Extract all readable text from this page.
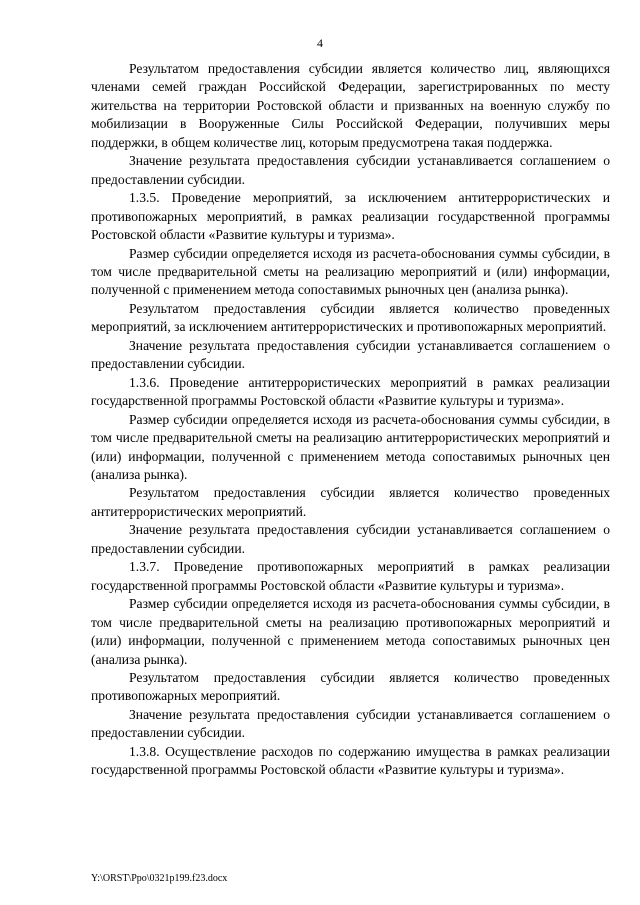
4

Результатом предоставления субсидии является количество лиц, являющихся членами семей граждан Российской Федерации, зарегистрированных по месту жительства на территории Ростовской области и призванных на военную службу по мобилизации в Вооруженные Силы Российской Федерации, получивших меры поддержки, в общем количестве лиц, которым предусмотрена такая поддержка.

Значение результата предоставления субсидии устанавливается соглашением о предоставлении субсидии.

1.3.5. Проведение мероприятий, за исключением антитеррористических и противопожарных мероприятий, в рамках реализации государственной программы Ростовской области «Развитие культуры и туризма».

Размер субсидии определяется исходя из расчета-обоснования суммы субсидии, в том числе предварительной сметы на реализацию мероприятий и (или) информации, полученной с применением метода сопоставимых рыночных цен (анализа рынка).

Результатом предоставления субсидии является количество проведенных мероприятий, за исключением антитеррористических и противопожарных мероприятий.

Значение результата предоставления субсидии устанавливается соглашением о предоставлении субсидии.

1.3.6. Проведение антитеррористических мероприятий в рамках реализации государственной программы Ростовской области «Развитие культуры и туризма».

Размер субсидии определяется исходя из расчета-обоснования суммы субсидии, в том числе предварительной сметы на реализацию антитеррористических мероприятий и (или) информации, полученной с применением метода сопоставимых рыночных цен (анализа рынка).

Результатом предоставления субсидии является количество проведенных антитеррористических мероприятий.

Значение результата предоставления субсидии устанавливается соглашением о предоставлении субсидии.

1.3.7. Проведение противопожарных мероприятий в рамках реализации государственной программы Ростовской области «Развитие культуры и туризма».

Размер субсидии определяется исходя из расчета-обоснования суммы субсидии, в том числе предварительной сметы на реализацию противопожарных мероприятий и (или) информации, полученной с применением метода сопоставимых рыночных цен (анализа рынка).

Результатом предоставления субсидии является количество проведенных противопожарных мероприятий.

Значение результата предоставления субсидии устанавливается соглашением о предоставлении субсидии.

1.3.8. Осуществление расходов по содержанию имущества в рамках реализации государственной программы Ростовской области «Развитие культуры и туризма».

Y:\ORST\Ppo\0321p199.f23.docx
